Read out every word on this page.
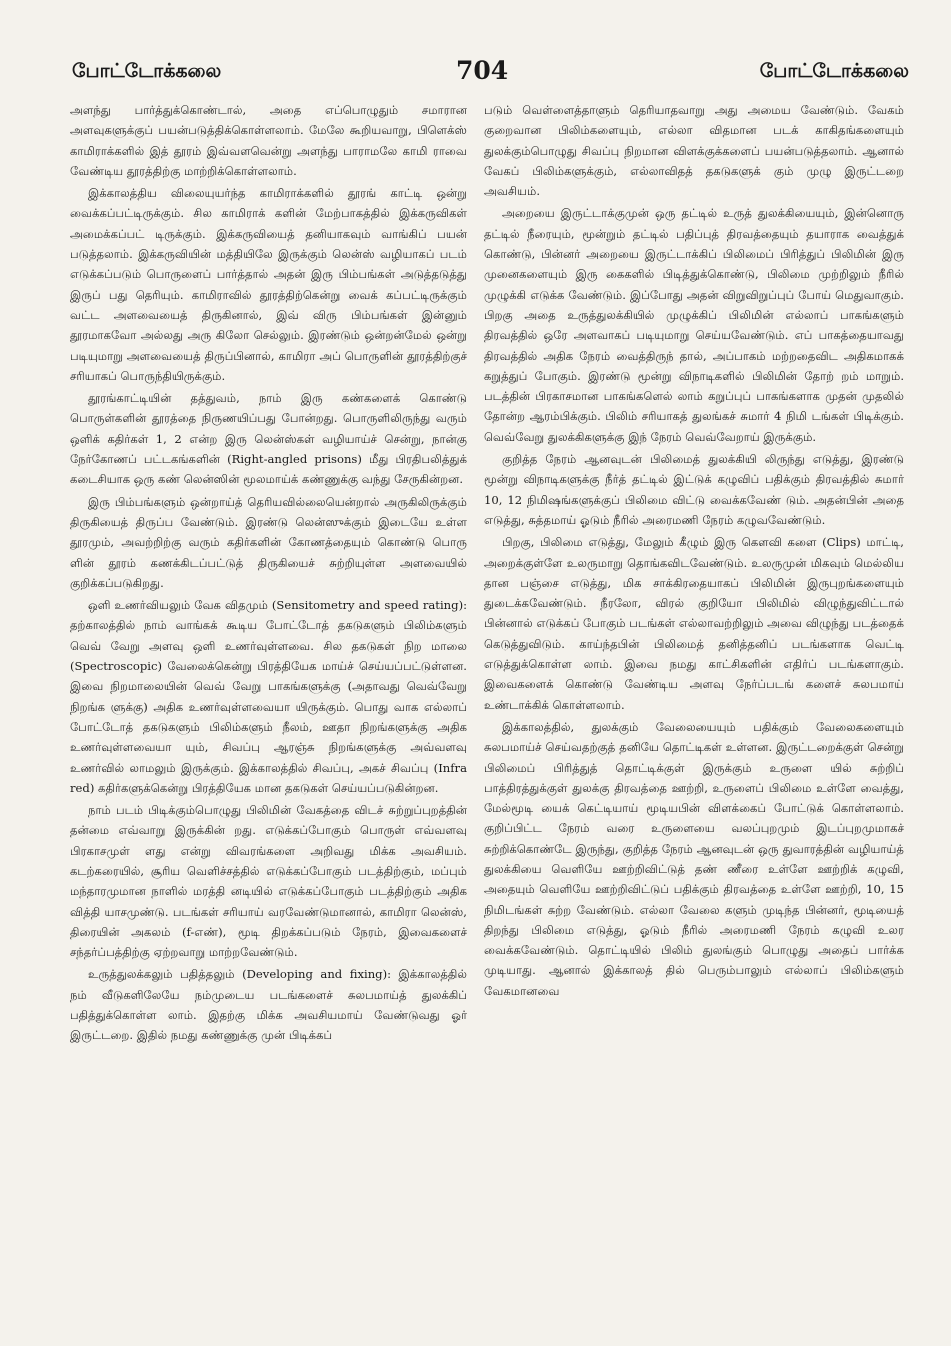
போட்டோக்கலை	704	போட்டோக்கலை

அளந்து பார்த்துக்கொண்டால், அதை எப்பொழுதும் சமாரான அளவுகளுக்குப் பயன்படுத்திக்கொள்ளலாம். மேலே கூறியவாறு, பிளெக்ஸ் காமிராக்களில் இத் தூரம் இவ்வளவென்று அளந்து பாராமலே காமி ராவை வேண்டிய தூரத்திற்கு மாற்றிக்கொள்ளலாம்.

இக்காலத்திய விலையுயர்ந்த காமிராக்களில் தூரங் காட்டி ஒன்று வைக்கப்பட்டிருக்கும். சில காமிராக் களின் மேற்பாகத்தில் இக்கருவிகள் அமைக்கப்பட் டிருக்கும். இக்கருவியைத் தனியாகவும் வாங்கிப் பயன் படுத்தலாம். இக்கருவியின் மத்தியிலே இருக்கும் லென்ஸ் வழியாகப் படம் எடுக்கப்படும் பொருளைப் பார்த்தால் அதன் இரு பிம்பங்கள் அடுத்தடுத்து இருப் பது தெரியும். காமிராவில் தூரத்திற்கென்று வைக் கப்பட்டிருக்கும் வட்ட அளவையைத் திருகினால், இவ் விரு பிம்பங்கள் இன்னும் தூரமாகவோ அல்லது அரு கிலோ செல்லும். இரண்டும் ஒன்றன்மேல் ஒன்று படியுமாறு அளவையைத் திருப்பினால், காமிரா அப் பொருளின் தூரத்திற்குச் சரியாகப் பொருந்தியிருக்கும்.

தூரங்காட்டியின் தத்துவம், நாம் இரு கண்களைக் கொண்டு பொருள்களின் தூரத்தை நிருணயிப்பது போன்றது. பொருளிலிருந்து வரும் ஒளிக் கதிர்கள் 1, 2 என்ற இரு லென்ஸ்கள் வழியாய்ச் சென்று, நான்கு நேர்கோணப் பட்டகங்களின் (Right-angled prisons) மீது பிரதிபலித்துக் கடைசியாக ஒரு கண் லென்ஸின் மூலமாய்க் கண்ணுக்கு வந்து சேருகின்றன.

இரு பிம்பங்களும் ஒன்றாய்த் தெரியவில்லையென்றால் அருகிலிருக்கும் திருகியைத் திருப்ப வேண்டும். இரண்டு லென்ஸுக்கும் இடையே உள்ள தூரமும், அவற்றிற்கு வரும் கதிர்களின் கோணத்தையும் கொண்டு பொரு ளின் தூரம் கணக்கிடப்பட்டுத் திருகியைச் சுற்றியுள்ள அளவையில் குறிக்கப்படுகிறது.

ஒளி உணர்வியலும் வேக விதமும் (Sensitometry and speed rating): தற்காலத்தில் நாம் வாங்கக் கூடிய போட்டோத் தகடுகளும் பிலிம்களும் வெவ் வேறு அளவு ஒளி உணர்வுள்ளவை. சில தகடுகள் நிற மாலை (Spectroscopic) வேலைக்கென்று பிரத்தியேக மாய்ச் செய்யப்பட்டுள்ளன. இவை நிறமாலையின் வெவ் வேறு பாகங்களுக்கு (அதாவது வெவ்வேறு நிறங்க ளுக்கு) அதிக உணர்வுள்ளவையா யிருக்கும். பொது வாக எல்லாப் போட்டோத் தகடுகளும் பிலிம்களும் நீலம், ஊதா நிறங்களுக்கு அதிக உணர்வுள்ளவையா யும், சிவப்பு ஆரஞ்சு நிறங்களுக்கு அவ்வளவு உணர்வில் லாமலும் இருக்கும். இக்காலத்தில் சிவப்பு, அகச் சிவப்பு (Infra red) கதிர்களுக்கென்று பிரத்தியேக மான தகடுகள் செய்யப்படுகின்றன.

நாம் படம் பிடிக்கும்பொழுது பிலிமின் வேகத்தை விடச் சுற்றுப்புறத்தின் தன்மை எவ்வாறு இருக்கின் றது. எடுக்கப்போகும் பொருள் எவ்வளவு பிரகாசமுள் ளது என்று விவரங்களை அறிவது மிக்க அவசியம். கடற்கரையில், சூரிய வெளிச்சத்தில் எடுக்கப்போகும் படத்திற்கும், மப்பும் மந்தாரமுமான நாளில் மரத்தி னடியில் எடுக்கப்போகும் படத்திற்கும் அதிக வித்தி யாசமுண்டு. படங்கள் சரியாய் வரவேண்டுமானால், காமிரா லென்ஸ், திரையின் அகலம் (f-எண்), மூடி திறக்கப்படும் நேரம், இவைகளைச் சந்தர்ப்பத்திற்கு ஏற்றவாறு மாற்றவேண்டும்.

உருத்துலக்கலும் பதித்தலும் (Developing and fixing): இக்காலத்தில் நம் வீடுகளிலேயே நம்முடைய படங்களைச் சுலபமாய்த் துலக்கிப் பதித்துக்கொள்ள லாம். இதற்கு மிக்க அவசியமாய் வேண்டுவது ஓர் இருட்டறை. இதில் நமது கண்ணுக்கு முன் பிடிக்கப்

படும் வெள்ளைத்தாளும் தெரியாதவாறு அது அமைய வேண்டும். வேகம் குறைவான பிலிம்களையும், எல்லா விதமான படக் காகிதங்களையும் துலக்கும்பொழுது சிவப்பு நிறமான விளக்குக்களைப் பயன்படுத்தலாம். ஆனால் வேகப் பிலிம்களுக்கும், எல்லாவிதத் தகடுகளுக் கும் முழு இருட்டறை அவசியம்.

அறையை இருட்டாக்குமுன் ஒரு தட்டில் உருத் துலக்கியையும், இன்னொரு தட்டில் நீரையும், மூன்றும் தட்டில் பதிப்புத் திரவத்தையும் தயாராக வைத்துக் கொண்டு, பின்னர் அறையை இருட்டாக்கிப் பிலிமைப் பிரித்துப் பிலிமின் இரு முனைகளையும் இரு கைகளில் பிடித்துக்கொண்டு, பிலிமை முற்றிலும் நீரில் முழுக்கி எடுக்க வேண்டும். இப்போது அதன் விறுவிறுப்புப் போய் மெதுவாகும். பிறகு அதை உருத்துலக்கியில் முழுக்கிப் பிலிமின் எல்லாப் பாகங்களும் திரவத்தில் ஒரே அளவாகப் படியுமாறு செய்யவேண்டும். எப் பாகத்தையாவது திரவத்தில் அதிக நேரம் வைத்திருந் தால், அப்பாகம் மற்றதைவிட அதிகமாகக் கறுத்துப் போகும். இரண்டு மூன்று விநாடிகளில் பிலிமின் தோற் றம் மாறும். படத்தின் பிரகாசமான பாகங்களெல் லாம் கறுப்புப் பாகங்களாக முதன் முதலில் தோன்ற ஆரம்பிக்கும். பிலிம் சரியாகத் துலங்கச் சுமார் 4 நிமி டங்கள் பிடிக்கும். வெவ்வேறு துலக்கிகளுக்கு இந் நேரம் வெவ்வேறாய் இருக்கும்.

குறித்த நேரம் ஆனவுடன் பிலிமைத் துலக்கியி லிருந்து எடுத்து, இரண்டு மூன்று விநாடிகளுக்கு நீர்த் தட்டில் இட்டுக் கழுவிப் பதிக்கும் திரவத்தில் சுமார் 10, 12 நிமிஷங்களுக்குப் பிலிமை விட்டு வைக்கவேண் டும். அதன்பின் அதை எடுத்து, சுத்தமாய் ஓடும் நீரில் அரைமணி நேரம் கழுவவேண்டும்.

பிறகு, பிலிமை எடுத்து, மேலும் கீழும் இரு கௌவி களை (Clips) மாட்டி, அறைக்குள்ளே உலருமாறு தொங்கவிடவேண்டும். உலருமுன் மிகவும் மெல்லிய தான பஞ்சை எடுத்து, மிக சாக்கிரதையாகப் பிலிமின் இருபுறங்களையும் துடைக்கவேண்டும். நீரலோ, விரல் குறியோ பிலிமில் விழுந்துவிட்டால் பின்னால் எடுக்கப் போகும் படங்கள் எல்லாவற்றிலும் அவை விழுந்து படத்தைக் கெடுத்துவிடும். காய்ந்தபின் பிலிமைத் தனித்தனிப் படங்களாக வெட்டி எடுத்துக்கொள்ள லாம். இவை நமது காட்சிகளின் எதிர்ப் படங்களாகும். இவைகளைக் கொண்டு வேண்டிய அளவு நேர்ப்படங் களைச் சுலபமாய் உண்டாக்கிக் கொள்ளலாம்.

இக்காலத்தில், துலக்கும் வேலையையும் பதிக்கும் வேலைகளையும் சுலபமாய்ச் செய்வதற்குத் தனியே தொட்டிகள் உள்ளன. இருட்டறைக்குள் சென்று பிலிமைப் பிரித்துத் தொட்டிக்குள் இருக்கும் உருளை யில் சுற்றிப் பாத்திரத்துக்குள் துலக்கு திரவத்தை ஊற்றி, உருளைப் பிலிமை உள்ளே வைத்து, மேல்மூடி யைக் கெட்டியாய் மூடியபின் விளக்கைப் போட்டுக் கொள்ளலாம். குறிப்பிட்ட நேரம் வரை உருளையை வலப்புறமும் இடப்புறமுமாகச் சுற்றிக்கொண்டே இருந்து, குறித்த நேரம் ஆனவுடன் ஒரு துவாரத்தின் வழியாய்த் துலக்கியை வெளியே ஊற்றிவிட்டுத் தண் ணீரை உள்ளே ஊற்றிக் கழுவி, அதையும் வெளியே ஊற்றிவிட்டுப் பதிக்கும் திரவத்தை உள்ளே ஊற்றி, 10, 15 நிமிடங்கள் சுற்ற வேண்டும். எல்லா வேலை களும் முடிந்த பின்னர், மூடியைத் திறந்து பிலிமை எடுத்து, ஓடும் நீரில் அரைமணி நேரம் கழுவி உலர வைக்கவேண்டும். தொட்டியில் பிலிம் துலங்கும் பொழுது அதைப் பார்க்க முடியாது. ஆனால் இக்காலத் தில் பெரும்பாலும் எல்லாப் பிலிம்களும் வேகமானவை
